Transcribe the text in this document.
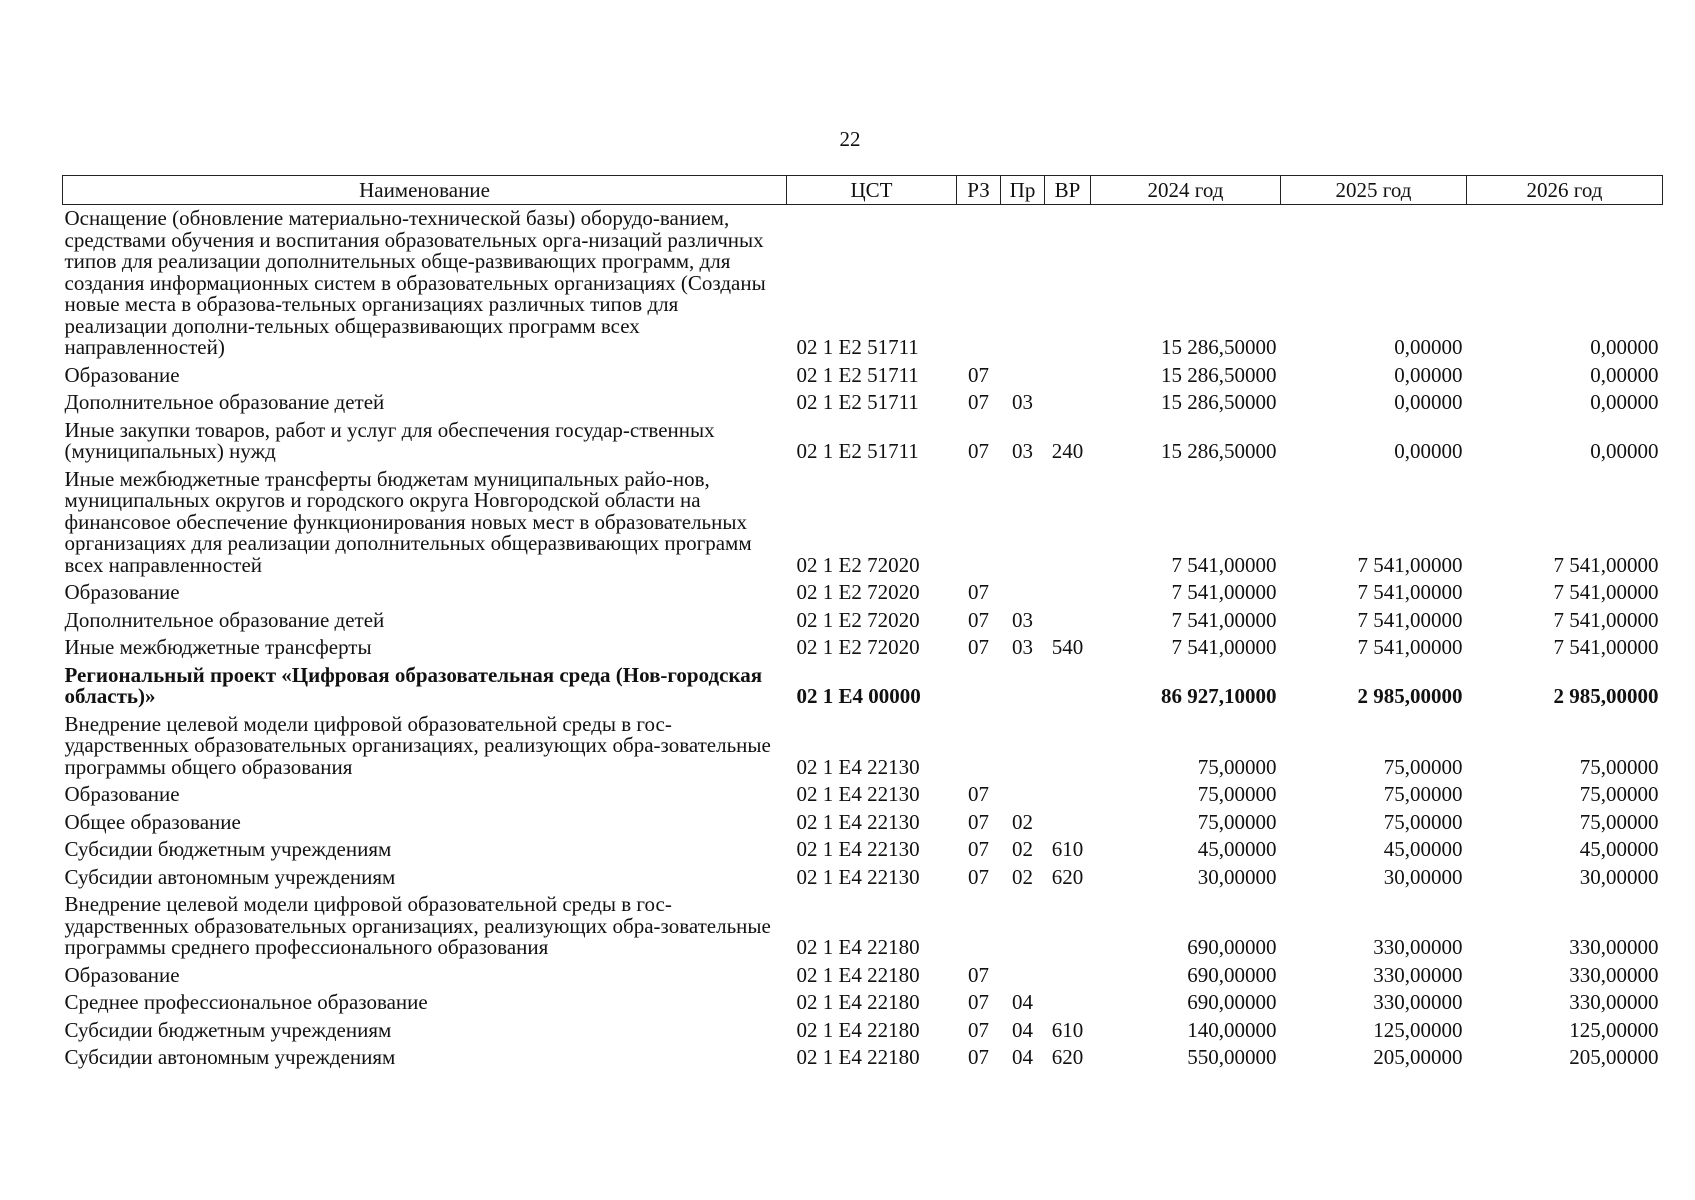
22
Наименование	ЦСТ	РЗ	Пр	ВР	2024 год	2025 год	2026 год
Оснащение (обновление материально-технической базы) оборудо-ванием, средствами обучения и воспитания образовательных орга-низаций различных типов для реализации дополнительных обще-развивающих программ, для создания информационных систем в образовательных организациях (Созданы новые места в образова-тельных организациях различных типов для реализации дополни-тельных общеразвивающих программ всех направленностей)	02 1 E2 51711				15 286,50000	0,00000	0,00000
Образование	02 1 E2 51711	07			15 286,50000	0,00000	0,00000
Дополнительное образование детей	02 1 E2 51711	07	03		15 286,50000	0,00000	0,00000
Иные закупки товаров, работ и услуг для обеспечения государ-ственных (муниципальных) нужд	02 1 E2 51711	07	03	240	15 286,50000	0,00000	0,00000
Иные межбюджетные трансферты бюджетам муниципальных райо-нов, муниципальных округов и городского округа Новгородской области на финансовое обеспечение функционирования новых мест в образовательных организациях для реализации дополнительных общеразвивающих программ всех направленностей	02 1 E2 72020				7 541,00000	7 541,00000	7 541,00000
Образование	02 1 E2 72020	07			7 541,00000	7 541,00000	7 541,00000
Дополнительное образование детей	02 1 E2 72020	07	03		7 541,00000	7 541,00000	7 541,00000
Иные межбюджетные трансферты	02 1 E2 72020	07	03	540	7 541,00000	7 541,00000	7 541,00000
Региональный проект «Цифровая образовательная среда (Нов-городская область)»	02 1 E4 00000				86 927,10000	2 985,00000	2 985,00000
Внедрение целевой модели цифровой образовательной среды в гос-ударственных образовательных организациях, реализующих обра-зовательные программы общего образования	02 1 E4 22130				75,00000	75,00000	75,00000
Образование	02 1 E4 22130	07			75,00000	75,00000	75,00000
Общее образование	02 1 E4 22130	07	02		75,00000	75,00000	75,00000
Субсидии бюджетным учреждениям	02 1 E4 22130	07	02	610	45,00000	45,00000	45,00000
Субсидии автономным учреждениям	02 1 E4 22130	07	02	620	30,00000	30,00000	30,00000
Внедрение целевой модели цифровой образовательной среды в гос-ударственных образовательных организациях, реализующих обра-зовательные программы среднего профессионального образования	02 1 E4 22180				690,00000	330,00000	330,00000
Образование	02 1 E4 22180	07			690,00000	330,00000	330,00000
Среднее профессиональное образование	02 1 E4 22180	07	04		690,00000	330,00000	330,00000
Субсидии бюджетным учреждениям	02 1 E4 22180	07	04	610	140,00000	125,00000	125,00000
Субсидии автономным учреждениям	02 1 E4 22180	07	04	620	550,00000	205,00000	205,00000
